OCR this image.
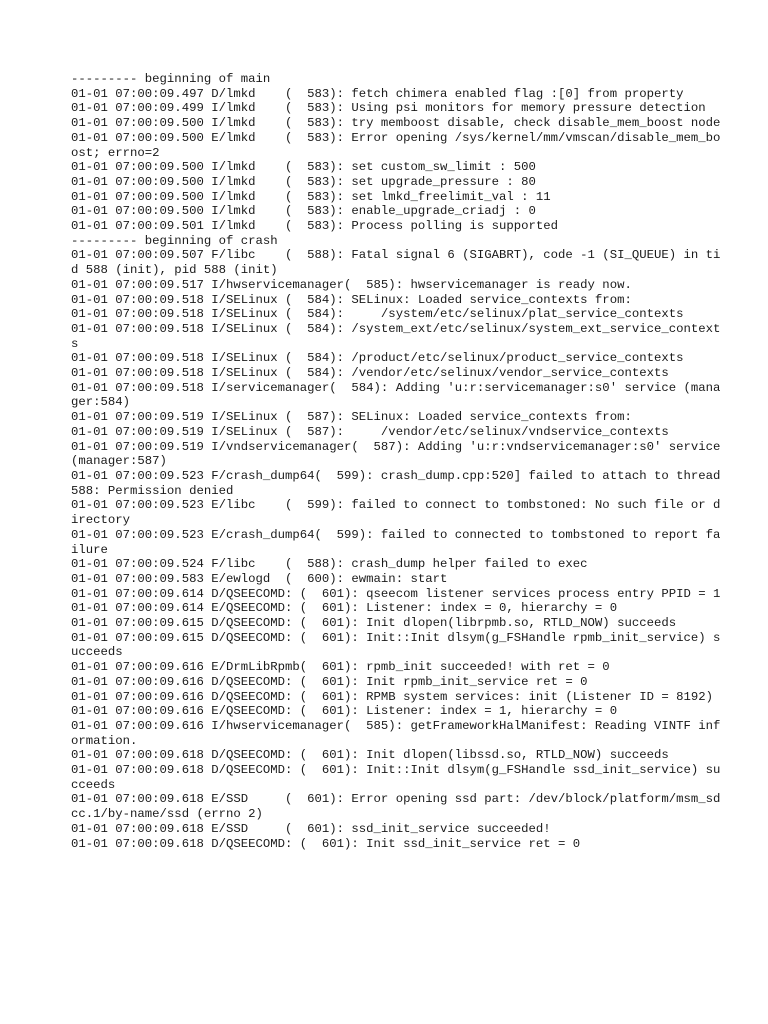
--------- beginning of main
01-01 07:00:09.497 D/lmkd    (  583): fetch chimera enabled flag :[0] from property
01-01 07:00:09.499 I/lmkd    (  583): Using psi monitors for memory pressure detection
01-01 07:00:09.500 I/lmkd    (  583): try memboost disable, check disable_mem_boost node
01-01 07:00:09.500 E/lmkd    (  583): Error opening /sys/kernel/mm/vmscan/disable_mem_boost; errno=2
01-01 07:00:09.500 I/lmkd    (  583): set custom_sw_limit : 500
01-01 07:00:09.500 I/lmkd    (  583): set upgrade_pressure : 80
01-01 07:00:09.500 I/lmkd    (  583): set lmkd_freelimit_val : 11
01-01 07:00:09.500 I/lmkd    (  583): enable_upgrade_criadj : 0
01-01 07:00:09.501 I/lmkd    (  583): Process polling is supported
--------- beginning of crash
01-01 07:00:09.507 F/libc    (  588): Fatal signal 6 (SIGABRT), code -1 (SI_QUEUE) in tid 588 (init), pid 588 (init)
01-01 07:00:09.517 I/hwservicemanager(  585): hwservicemanager is ready now.
01-01 07:00:09.518 I/SELinux (  584): SELinux: Loaded service_contexts from:
01-01 07:00:09.518 I/SELinux (  584):     /system/etc/selinux/plat_service_contexts
01-01 07:00:09.518 I/SELinux (  584): /system_ext/etc/selinux/system_ext_service_contexts
01-01 07:00:09.518 I/SELinux (  584): /product/etc/selinux/product_service_contexts
01-01 07:00:09.518 I/SELinux (  584): /vendor/etc/selinux/vendor_service_contexts
01-01 07:00:09.518 I/servicemanager(  584): Adding 'u:r:servicemanager:s0' service (manager:584)
01-01 07:00:09.519 I/SELinux (  587): SELinux: Loaded service_contexts from:
01-01 07:00:09.519 I/SELinux (  587):     /vendor/etc/selinux/vndservice_contexts
01-01 07:00:09.519 I/vndservicemanager(  587): Adding 'u:r:vndservicemanager:s0' service (manager:587)
01-01 07:00:09.523 F/crash_dump64(  599): crash_dump.cpp:520] failed to attach to thread 588: Permission denied
01-01 07:00:09.523 E/libc    (  599): failed to connect to tombstoned: No such file or directory
01-01 07:00:09.523 E/crash_dump64(  599): failed to connected to tombstoned to report failure
01-01 07:00:09.524 F/libc    (  588): crash_dump helper failed to exec
01-01 07:00:09.583 E/ewlogd  (  600): ewmain: start
01-01 07:00:09.614 D/QSEECOMD: (  601): qseecom listener services process entry PPID = 1
01-01 07:00:09.614 E/QSEECOMD: (  601): Listener: index = 0, hierarchy = 0
01-01 07:00:09.615 D/QSEECOMD: (  601): Init dlopen(librpmb.so, RTLD_NOW) succeeds
01-01 07:00:09.615 D/QSEECOMD: (  601): Init::Init dlsym(g_FSHandle rpmb_init_service) succeeds
01-01 07:00:09.616 E/DrmLibRpmb(  601): rpmb_init succeeded! with ret = 0
01-01 07:00:09.616 D/QSEECOMD: (  601): Init rpmb_init_service ret = 0
01-01 07:00:09.616 D/QSEECOMD: (  601): RPMB system services: init (Listener ID = 8192)
01-01 07:00:09.616 E/QSEECOMD: (  601): Listener: index = 1, hierarchy = 0
01-01 07:00:09.616 I/hwservicemanager(  585): getFrameworkHalManifest: Reading VINTF information.
01-01 07:00:09.618 D/QSEECOMD: (  601): Init dlopen(libssd.so, RTLD_NOW) succeeds
01-01 07:00:09.618 D/QSEECOMD: (  601): Init::Init dlsym(g_FSHandle ssd_init_service) succeeds
01-01 07:00:09.618 E/SSD     (  601): Error opening ssd part: /dev/block/platform/msm_sdcc.1/by-name/ssd (errno 2)
01-01 07:00:09.618 E/SSD     (  601): ssd_init_service succeeded!
01-01 07:00:09.618 D/QSEECOMD: (  601): Init ssd_init_service ret = 0
